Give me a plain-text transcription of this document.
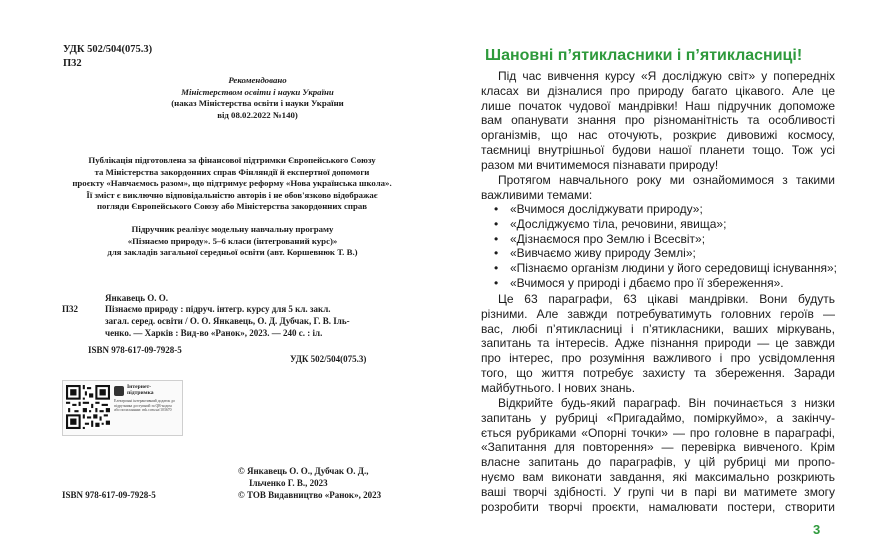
УДК 502/504(075.3)
П32
Рекомендовано
Міністерством освіти і науки України
(наказ Міністерства освіти і науки України
від 08.02.2022 №140)
Публікація підготовлена за фінансової підтримки Європейського Союзу
та Міністерства закордонних справ Фінляндії й експертної допомоги
проєкту «Навчаємось разом», що підтримує реформу «Нова українська школа».
Її зміст є виключно відповідальністю авторів і не обов'язково відображає
погляди Європейського Союзу або Міністерства закордонних справ
Підручник реалізує модельну навчальну програму
«Пізнаємо природу». 5–6 класи (інтегрований курс)»
для закладів загальної середньої освіти (авт. Коршевнюк Т. В.)
Янкавець О. О.
П32	Пізнаємо природу : підруч. інтегр. курсу для 5 кл. закл.
загал. серед. освіти / О. О. Янкавець, О. Д. Дубчак, Г. В. Іль-
ченко. — Харків : Вид-во «Ранок», 2023. — 240 с. : іл.
ISBN 978-617-09-7928-5
УДК 502/504(075.3)
Інтернет-
підтримка
Електронні інтерактивний додаток до підручника доступний за QR-кодом або посиланням: rnk.com.ua/103670
ISBN 978-617-09-7928-5
© Янкавець О. О., Дубчак О. Д.,
Ільченко Г. В., 2023
© ТОВ Видавництво «Ранок», 2023
Шановні п’ятикласники і п’ятикласниці!
Під час вивчення курсу «Я досліджую світ» у попередніх
класах ви дізналися про природу багато цікавого. Але це
лише початок чудової мандрівки! Наш підручник допоможе
вам опанувати знання про різноманітність та особливості
організмів, що нас оточують, розкриє дивовижі космосу,
таємниці внутрішньої будови нашої планети тощо. Тож усі
разом ми вчитимемося пізнавати природу!
Протягом навчального року ми ознайомимося з такими
важливими темами:
• «Вчимося досліджувати природу»;
• «Досліджуємо тіла, речовини, явища»;
• «Дізнаємося про Землю і Всесвіт»;
• «Вивчаємо живу природу Землі»;
• «Пізнаємо організм людини у його середовищі існування»;
• «Вчимося у природі і дбаємо про її збереження».
Це 63 параграфи, 63 цікаві мандрівки. Вони будуть
різними. Але завжди потребуватимуть головних героїв —
вас, любі п’ятикласниці і п’ятикласники, ваших міркувань,
запитань та інтересів. Адже пізнання природи — це завжди
про інтерес, про розуміння важливого і про усвідомлення
того, що життя потребує захисту та збереження. Заради
майбутнього. І нових знань.
Відкрийте будь-який параграф. Він починається з низки
запитань у рубриці «Пригадаймо, поміркуймо», а закінчу-
ється рубриками «Опорні точки» — про головне в параграфі,
«Запитання для повторення» — перевірка вивченого. Крім
власне запитань до параграфів, у цій рубриці ми пропо-
нуємо вам виконати завдання, які максимально розкриють
ваші творчі здібності. У групі чи в парі ви матимете змогу
розробити творчі проєкти, намалювати постери, створити
3
